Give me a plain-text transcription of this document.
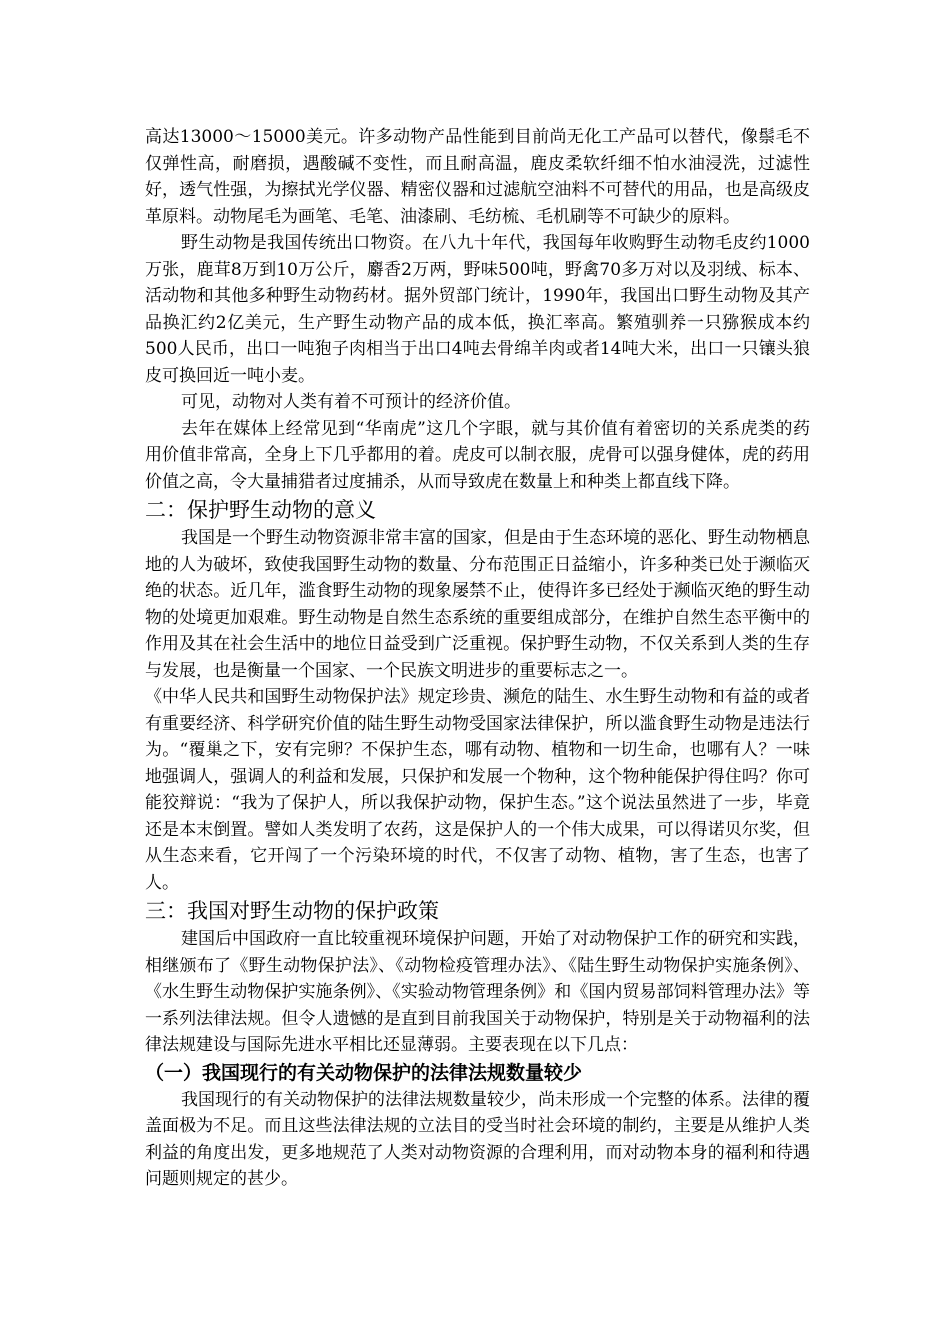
高达13000～15000美元。许多动物产品性能到目前尚无化工产品可以替代，像鬃毛不仅弹性高，耐磨损，遇酸碱不变性，而且耐高温，鹿皮柔软纤细不怕水油浸洗，过滤性好，透气性强，为擦拭光学仪器、精密仪器和过滤航空油料不可替代的用品，也是高级皮革原料。动物尾毛为画笔、毛笔、油漆刷、毛纺梳、毛机刷等不可缺少的原料。

野生动物是我国传统出口物资。在八九十年代，我国每年收购野生动物毛皮约1000万张，鹿茸8万到10万公斤，麝香2万两，野味500吨，野禽70多万对以及羽绒、标本、活动物和其他多种野生动物药材。据外贸部门统计，1990年，我国出口野生动物及其产品换汇约2亿美元，生产野生动物产品的成本低，换汇率高。繁殖驯养一只猕猴成本约500人民币，出口一吨狍子肉相当于出口4吨去骨绵羊肉或者14吨大米，出口一只镶头狼皮可换回近一吨小麦。

可见，动物对人类有着不可预计的经济价值。

去年在媒体上经常见到“华南虎”这几个字眼，就与其价值有着密切的关系虎类的药用价值非常高，全身上下几乎都用的着。虎皮可以制衣服，虎骨可以强身健体，虎的药用价值之高，令大量捕猎者过度捕杀，从而导致虎在数量上和种类上都直线下降。

二：保护野生动物的意义

我国是一个野生动物资源非常丰富的国家，但是由于生态环境的恶化、野生动物栖息地的人为破坏，致使我国野生动物的数量、分布范围正日益缩小，许多种类已处于濒临灭绝的状态。近几年，滥食野生动物的现象屡禁不止，使得许多已经处于濒临灭绝的野生动物的处境更加艰难。野生动物是自然生态系统的重要组成部分，在维护自然生态平衡中的作用及其在社会生活中的地位日益受到广泛重视。保护野生动物，不仅关系到人类的生存与发展，也是衡量一个国家、一个民族文明进步的重要标志之一。

《中华人民共和国野生动物保护法》规定珍贵、濒危的陆生、水生野生动物和有益的或者有重要经济、科学研究价值的陆生野生动物受国家法律保护，所以滥食野生动物是违法行为。“覆巢之下，安有完卵？不保护生态，哪有动物、植物和一切生命，也哪有人？一味地强调人，强调人的利益和发展，只保护和发展一个物种，这个物种能保护得住吗？你可能狡辩说：“我为了保护人，所以我保护动物，保护生态。”这个说法虽然进了一步，毕竟还是本末倒置。譬如人类发明了农药，这是保护人的一个伟大成果，可以得诺贝尔奖，但从生态来看，它开闯了一个污染环境的时代，不仅害了动物、植物，害了生态，也害了人。

三：我国对野生动物的保护政策

建国后中国政府一直比较重视环境保护问题，开始了对动物保护工作的研究和实践，相继颁布了《野生动物保护法》、《动物检疫管理办法》、《陆生野生动物保护实施条例》、《水生野生动物保护实施条例》、《实验动物管理条例》和《国内贸易部饲料管理办法》等一系列法律法规。但令人遗憾的是直到目前我国关于动物保护，特别是关于动物福利的法律法规建设与国际先进水平相比还显薄弱。主要表现在以下几点：

（一）我国现行的有关动物保护的法律法规数量较少

我国现行的有关动物保护的法律法规数量较少，尚未形成一个完整的体系。法律的覆盖面极为不足。而且这些法律法规的立法目的受当时社会环境的制约，主要是从维护人类利益的角度出发，更多地规范了人类对动物资源的合理利用，而对动物本身的福利和待遇问题则规定的甚少。
